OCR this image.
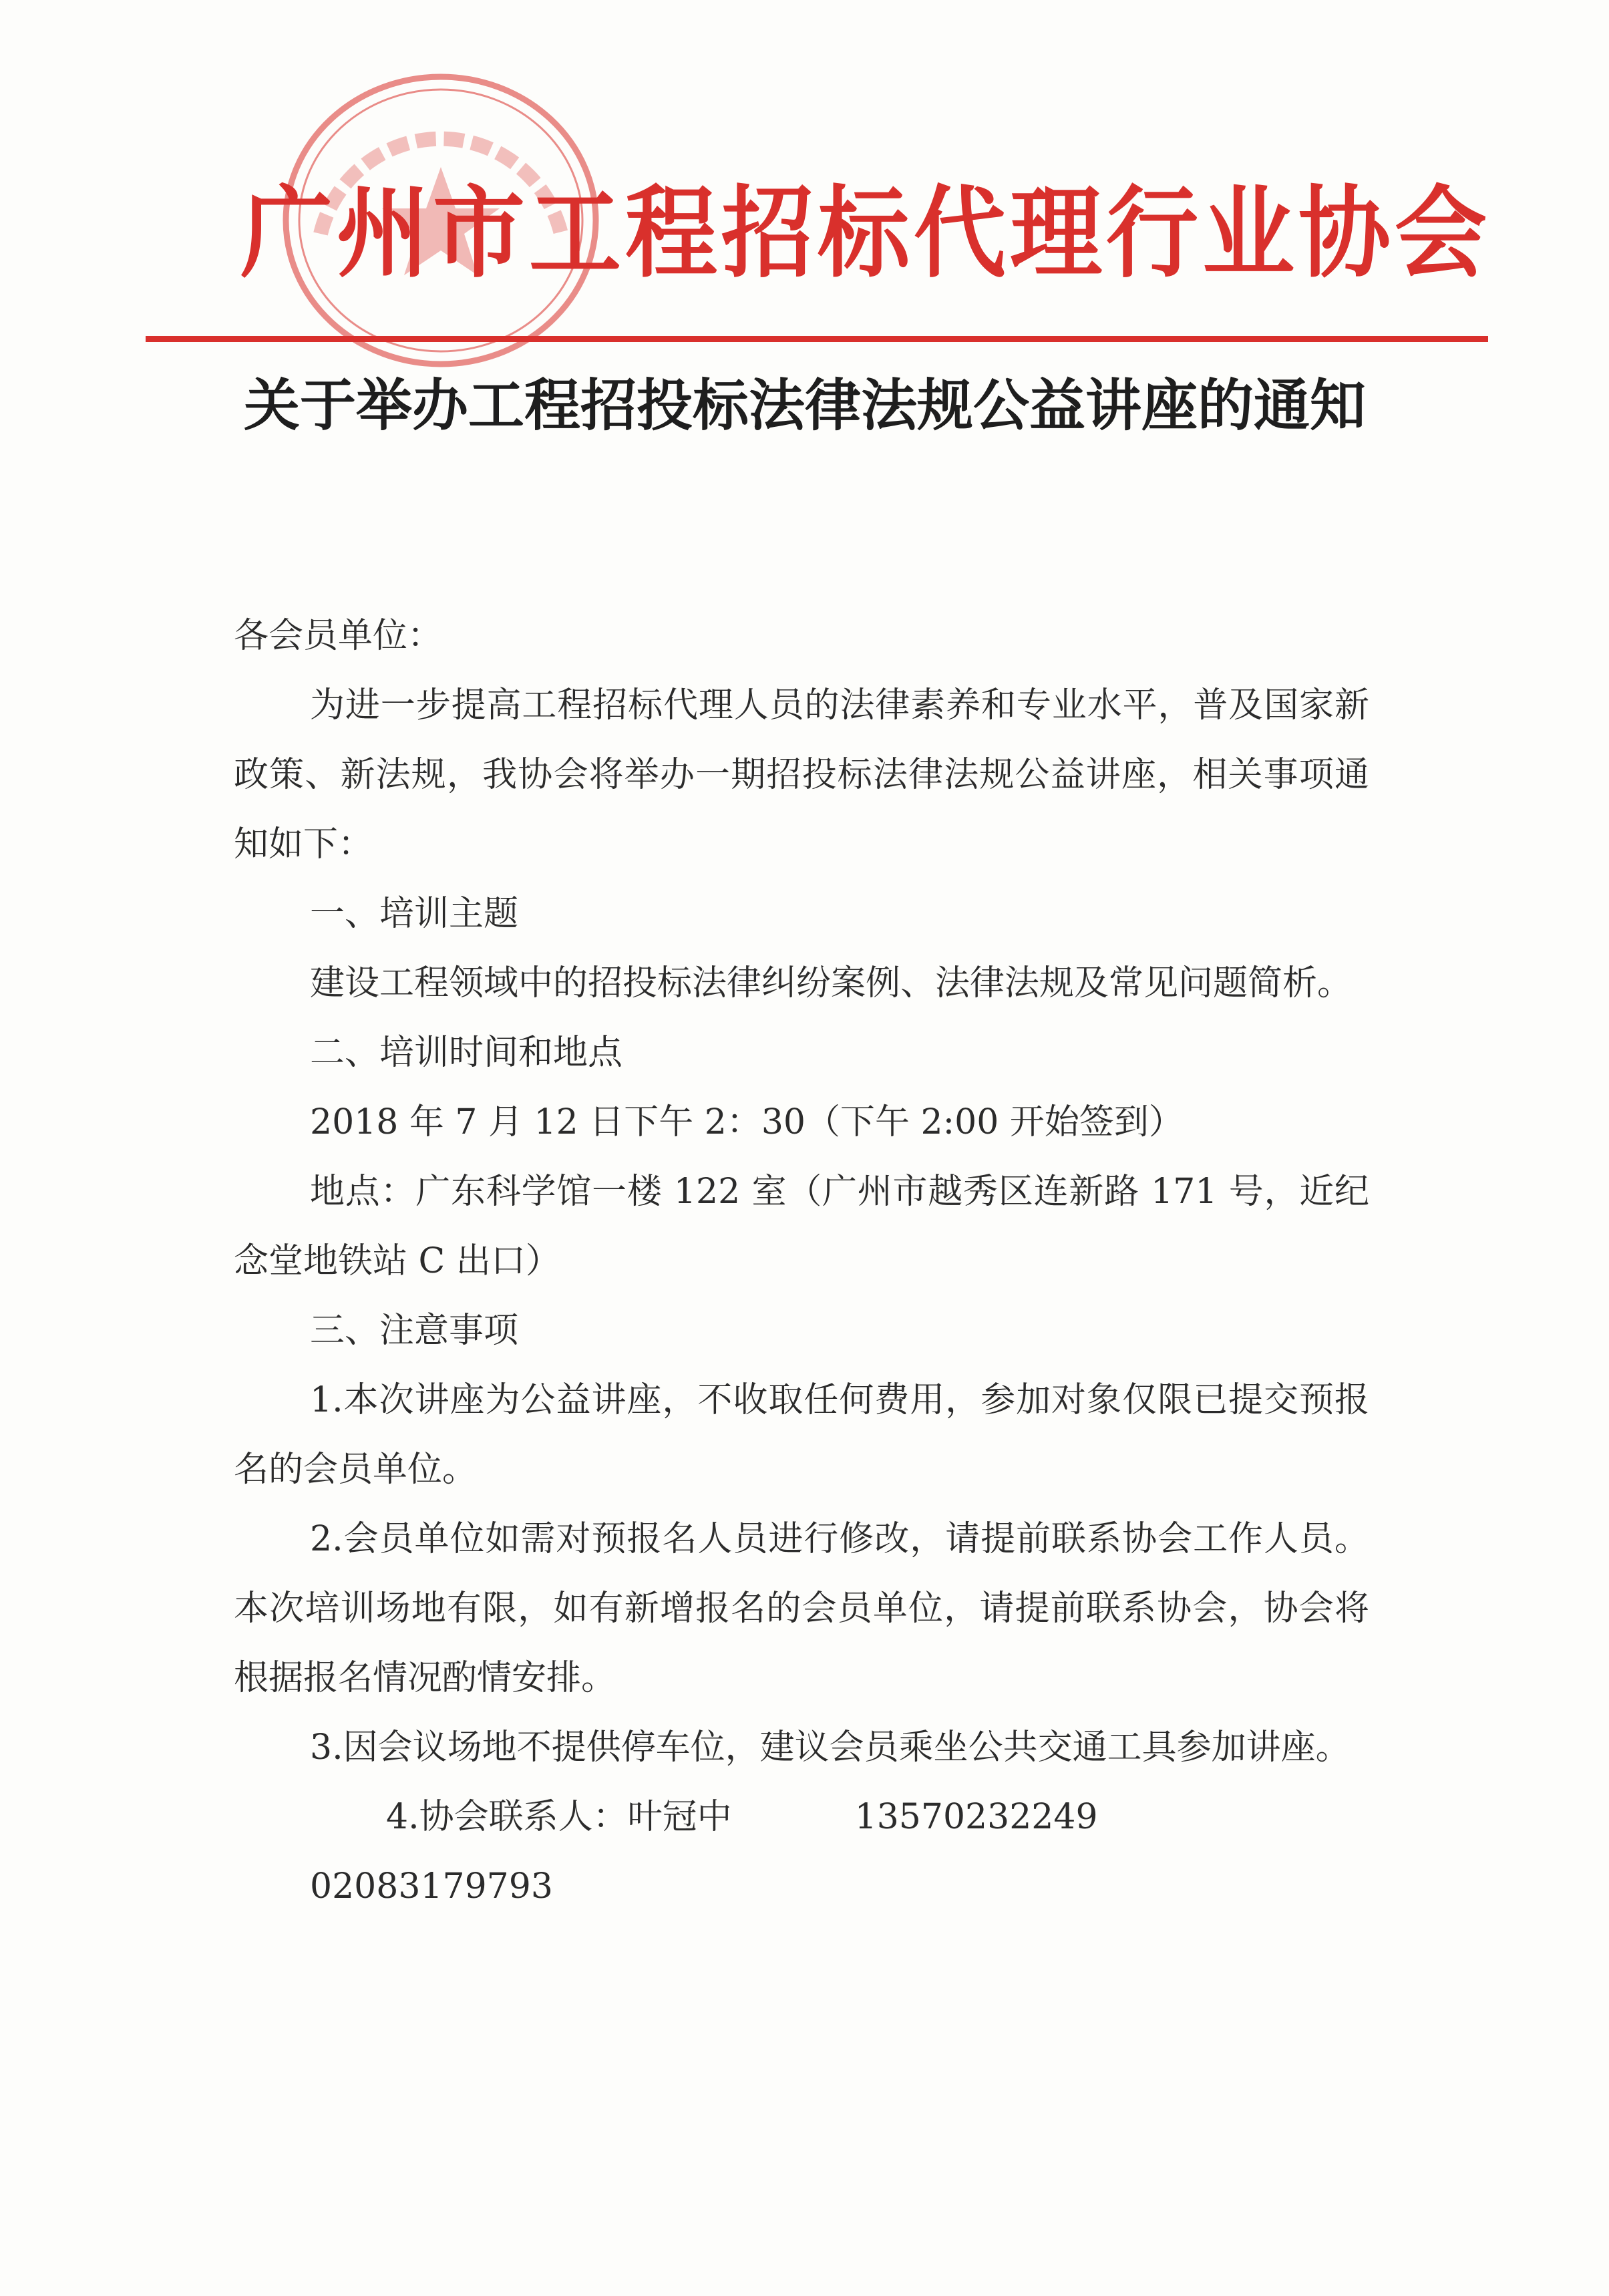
广州市工程招标代理行业协会
关于举办工程招投标法律法规公益讲座的通知

各会员单位：

为进一步提高工程招标代理人员的法律素养和专业水平，普及国家新政策、新法规，我协会将举办一期招投标法律法规公益讲座，相关事项通知如下：

一、培训主题

建设工程领域中的招投标法律纠纷案例、法律法规及常见问题简析。

二、培训时间和地点

2018 年 7 月 12 日下午 2：30（下午 2:00 开始签到）

地点：广东科学馆一楼 122 室（广州市越秀区连新路 171 号，近纪念堂地铁站 C 出口）

三、注意事项

1.本次讲座为公益讲座，不收取任何费用，参加对象仅限已提交预报名的会员单位。

2.会员单位如需对预报名人员进行修改，请提前联系协会工作人员。本次培训场地有限，如有新增报名的会员单位，请提前联系协会，协会将根据报名情况酌情安排。

3.因会议场地不提供停车位，建议会员乘坐公共交通工具参加讲座。

4.协会联系人：叶冠中	1357023224902083179793
